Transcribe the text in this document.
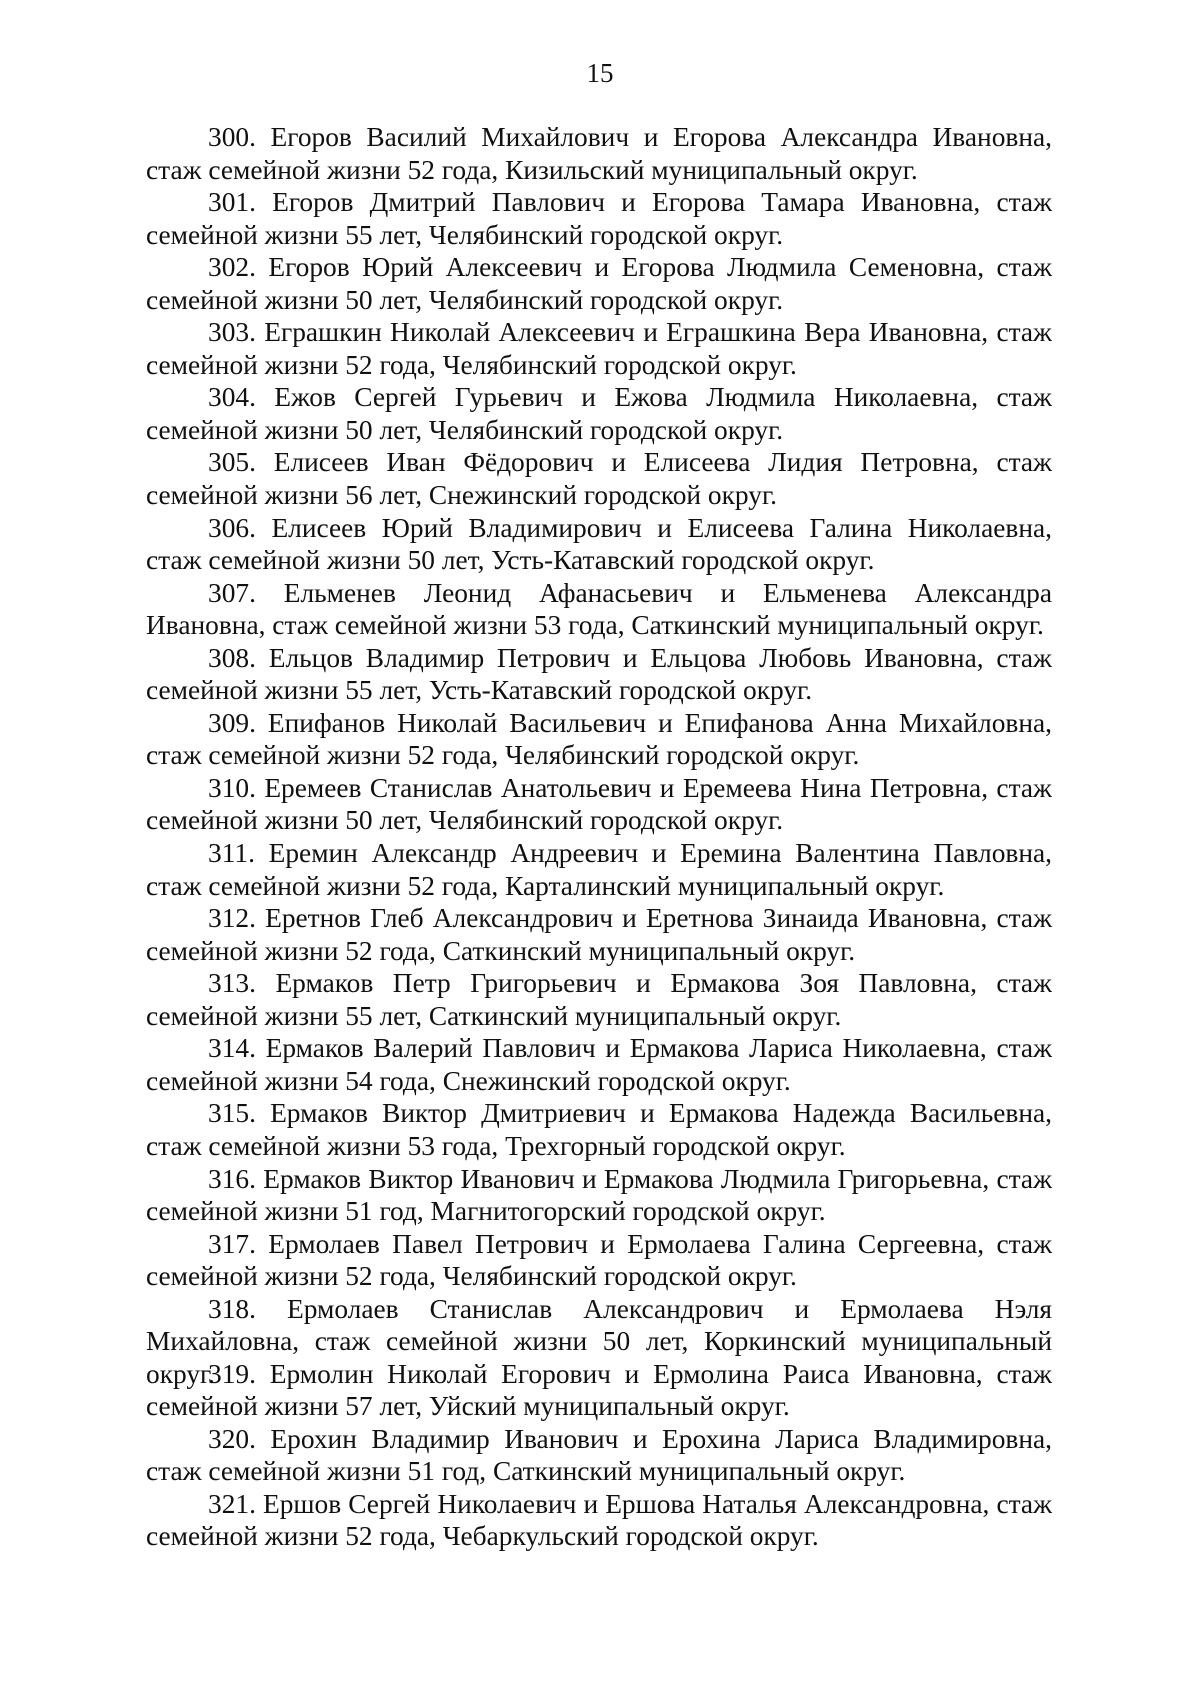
15

300. Егоров Василий Михайлович и Егорова Александра Ивановна, стаж семейной жизни 52 года, Кизильский муниципальный округ.

301. Егоров Дмитрий Павлович и Егорова Тамара Ивановна, стаж семейной жизни 55 лет, Челябинский городской округ.

302. Егоров Юрий Алексеевич и Егорова Людмила Семеновна, стаж семейной жизни 50 лет, Челябинский городской округ.

303. Еграшкин Николай Алексеевич и Еграшкина Вера Ивановна, стаж семейной жизни 52 года, Челябинский городской округ.

304. Ежов Сергей Гурьевич и Ежова Людмила Николаевна, стаж семейной жизни 50 лет, Челябинский городской округ.

305. Елисеев Иван Фёдорович и Елисеева Лидия Петровна, стаж семейной жизни 56 лет, Снежинский городской округ.

306. Елисеев Юрий Владимирович и Елисеева Галина Николаевна, стаж семейной жизни 50 лет, Усть-Катавский городской округ.

307. Ельменев Леонид Афанасьевич и Ельменева Александра Ивановна, стаж семейной жизни 53 года, Саткинский муниципальный округ.

308. Ельцов Владимир Петрович и Ельцова Любовь Ивановна, стаж семейной жизни 55 лет, Усть-Катавский городской округ.

309. Епифанов Николай Васильевич и Епифанова Анна Михайловна, стаж семейной жизни 52 года, Челябинский городской округ.

310. Еремеев Станислав Анатольевич и Еремеева Нина Петровна, стаж семейной жизни 50 лет, Челябинский городской округ.

311. Еремин Александр Андреевич и Еремина Валентина Павловна, стаж семейной жизни 52 года, Карталинский муниципальный округ.

312. Еретнов Глеб Александрович и Еретнова Зинаида Ивановна, стаж семейной жизни 52 года, Саткинский муниципальный округ.

313. Ермаков Петр Григорьевич и Ермакова Зоя Павловна, стаж семейной жизни 55 лет, Саткинский муниципальный округ.

314. Ермаков Валерий Павлович и Ермакова Лариса Николаевна, стаж семейной жизни 54 года, Снежинский городской округ.

315. Ермаков Виктор Дмитриевич и Ермакова Надежда Васильевна, стаж семейной жизни 53 года, Трехгорный городской округ.

316. Ермаков Виктор Иванович и Ермакова Людмила Григорьевна, стаж семейной жизни 51 год, Магнитогорский городской округ.

317. Ермолаев Павел Петрович и Ермолаева Галина Сергеевна, стаж семейной жизни 52 года, Челябинский городской округ.

318. Ермолаев Станислав Александрович и Ермолаева Нэля Михайловна, стаж семейной жизни 50 лет, Коркинский муниципальный округ.

319. Ермолин Николай Егорович и Ермолина Раиса Ивановна, стаж семейной жизни 57 лет, Уйский муниципальный округ.

320. Ерохин Владимир Иванович и Ерохина Лариса Владимировна, стаж семейной жизни 51 год, Саткинский муниципальный округ.

321. Ершов Сергей Николаевич и Ершова Наталья Александровна, стаж семейной жизни 52 года, Чебаркульский городской округ.
